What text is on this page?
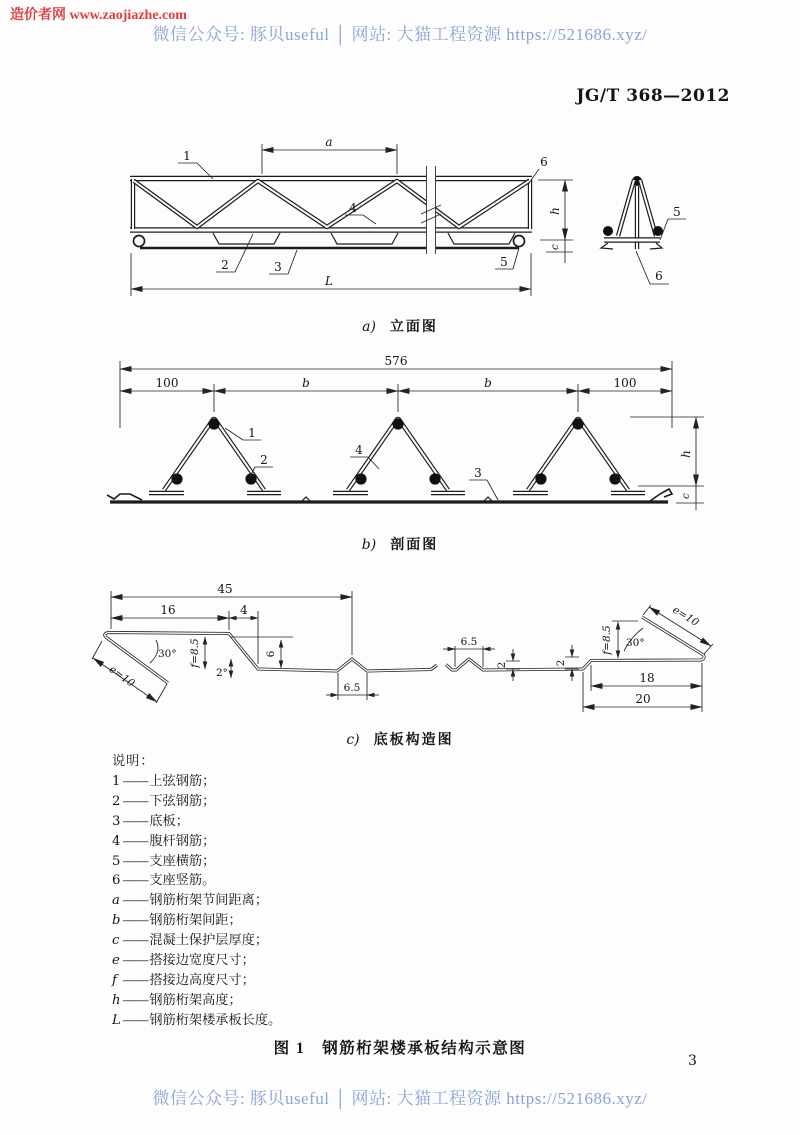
造价者网 www.zaojiazhe.com
微信公众号: 豚贝useful │ 网站: 大猫工程资源 https://521686.xyz/
JG/T 368—2012
a
h
c
L
1	6
4
2	3	5
5
6
a) 立面图
576
100	b	b	100
1
2
4
3
h
c
b) 剖面图
45
16	4
30°
e=10
f=8.5	6
2°
6.5
6.5
2	2
f=8.5 30°
e=10
18
20
c) 底板构造图
说明：
1 —— 上弦钢筋；
2 —— 下弦钢筋；
3 —— 底板；
4 —— 腹杆钢筋；
5 —— 支座横筋；
6 —— 支座竖筋。
a —— 钢筋桁架节间距离；
b —— 钢筋桁架间距；
c —— 混凝土保护层厚度；
e —— 搭接边宽度尺寸；
f —— 搭接边高度尺寸；
h —— 钢筋桁架高度；
L —— 钢筋桁架楼承板长度。
图 1　钢筋桁架楼承板结构示意图
3
微信公众号: 豚贝useful │ 网站: 大猫工程资源 https://521686.xyz/
